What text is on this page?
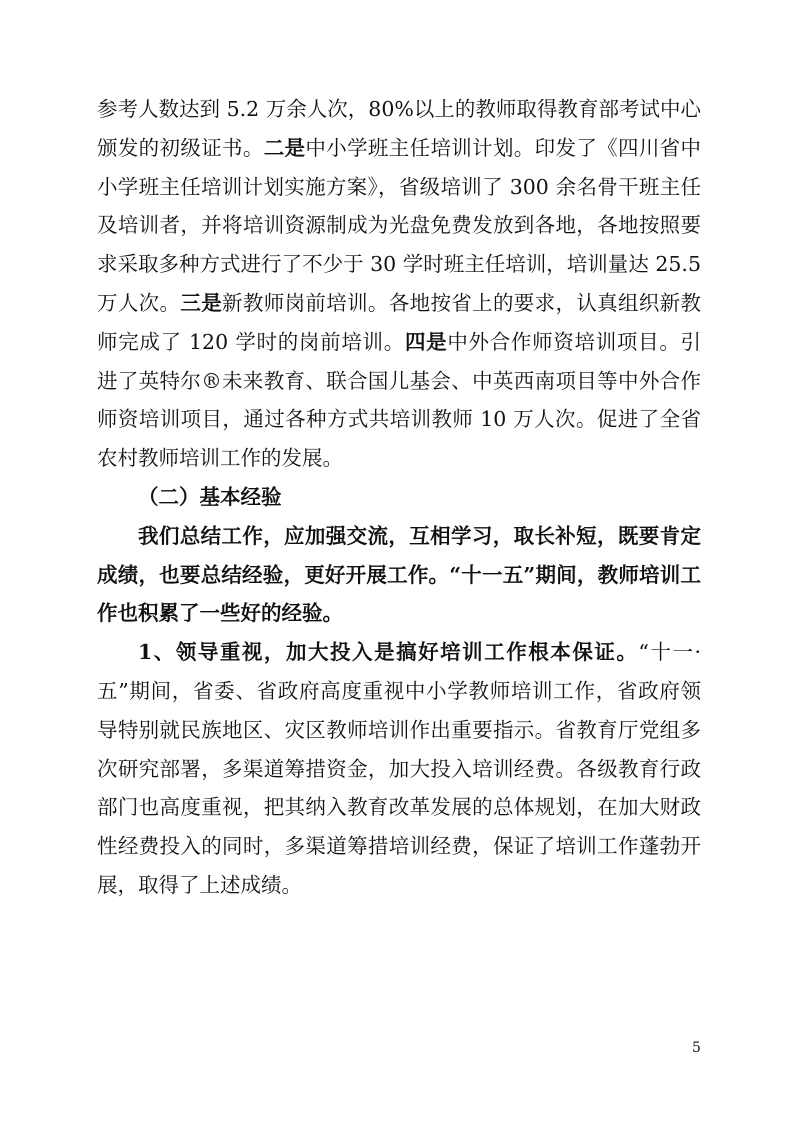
参考人数达到 5.2 万余人次，80%以上的教师取得教育部考试中心颁发的初级证书。二是中小学班主任培训计划。印发了《四川省中小学班主任培训计划实施方案》，省级培训了 300 余名骨干班主任及培训者，并将培训资源制成为光盘免费发放到各地，各地按照要求采取多种方式进行了不少于 30 学时班主任培训，培训量达 25.5 万人次。三是新教师岗前培训。各地按省上的要求，认真组织新教师完成了 120 学时的岗前培训。四是中外合作师资培训项目。引进了英特尔®未来教育、联合国儿基会、中英西南项目等中外合作师资培训项目，通过各种方式共培训教师 10 万人次。促进了全省农村教师培训工作的发展。

（二）基本经验

我们总结工作，应加强交流，互相学习，取长补短，既要肯定成绩，也要总结经验，更好开展工作。“十一五”期间，教师培训工作也积累了一些好的经验。

1、领导重视，加大投入是搞好培训工作根本保证。“十一·五”期间，省委、省政府高度重视中小学教师培训工作，省政府领导特别就民族地区、灾区教师培训作出重要指示。省教育厅党组多次研究部署，多渠道筹措资金，加大投入培训经费。各级教育行政部门也高度重视，把其纳入教育改革发展的总体规划，在加大财政性经费投入的同时，多渠道筹措培训经费，保证了培训工作蓬勃开展，取得了上述成绩。

5
